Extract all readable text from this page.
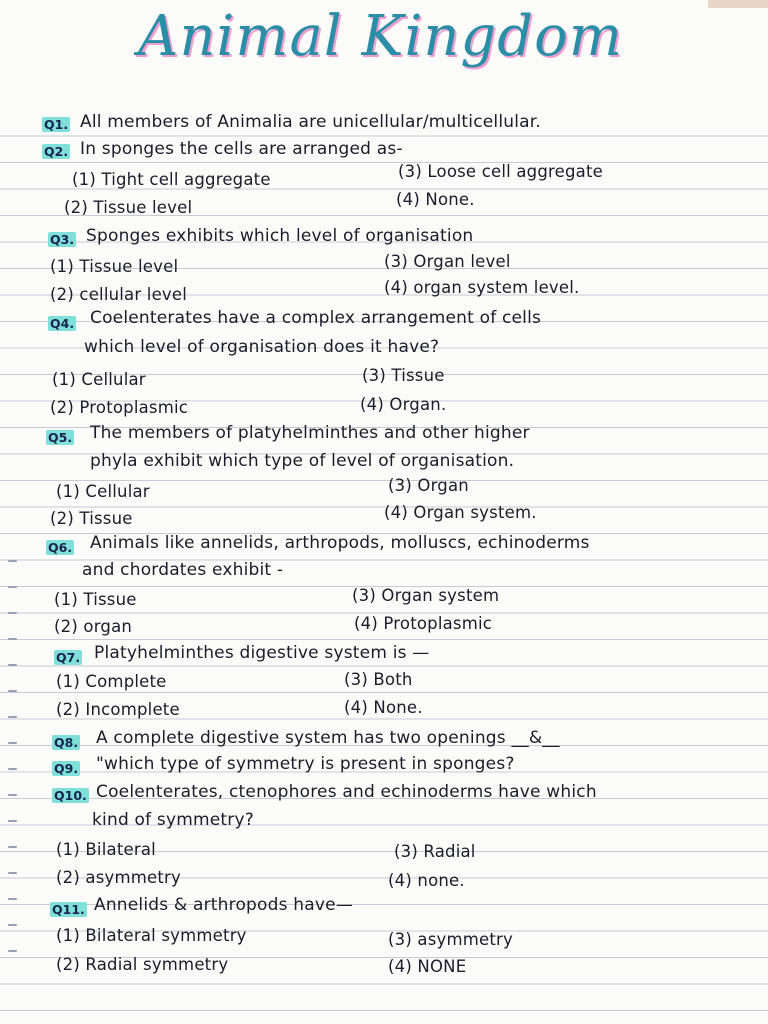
Animal Kingdom
Q1. All members of Animalia are unicellular/multicellular.
Q2. In sponges the cells are arranged as-
(1) Tight cell aggregate	(3) Loose cell aggregate
(2) Tissue level	(4) None.
Q3. Sponges exhibits which level of organisation
(1) Tissue level	(3) Organ level
(2) cellular level	(4) organ system level.
Q4. Coelenterates have a complex arrangement of cells
which level of organisation does it have?
(1) Cellular	(3) Tissue
(2) Protoplasmic	(4) Organ.
Q5. The members of platyhelminthes and other higher
phyla exhibit which type of level of organisation.
(1) Cellular	(3) Organ
(2) Tissue	(4) Organ system.
Q6. Animals like annelids, arthropods, molluscs, echinoderms
and chordates exhibit -
(1) Tissue	(3) Organ system
(2) organ	(4) Protoplasmic
Q7. Platyhelminthes digestive system is —
(1) Complete	(3) Both
(2) Incomplete	(4) None.
Q8. A complete digestive system has two openings __&__
Q9. "which type of symmetry is present in sponges?
Q10. Coelenterates, ctenophores and echinoderms have which
kind of symmetry?
(1) Bilateral	(3) Radial
(2) asymmetry	(4) none.
Q11. Annelids & arthropods have—
(1) Bilateral symmetry	(3) asymmetry
(2) Radial symmetry	(4) NONE
